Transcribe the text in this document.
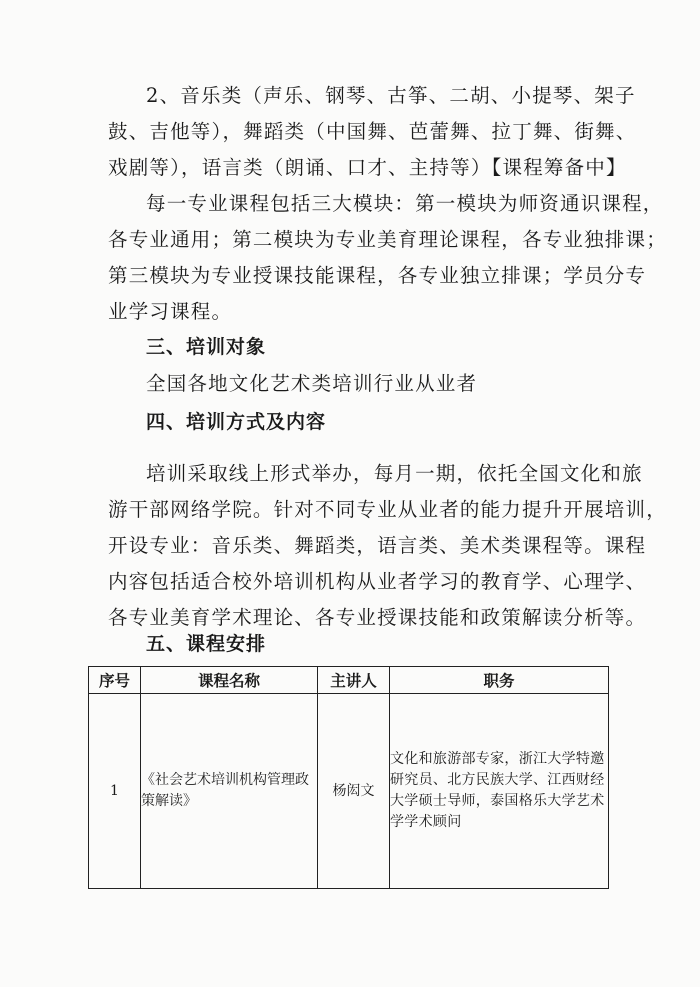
2、音乐类（声乐、钢琴、古筝、二胡、小提琴、架子
鼓、吉他等），舞蹈类（中国舞、芭蕾舞、拉丁舞、街舞、
戏剧等），语言类（朗诵、口才、主持等）【课程筹备中】
每一专业课程包括三大模块：第一模块为师资通识课程，
各专业通用；第二模块为专业美育理论课程，各专业独排课；
第三模块为专业授课技能课程，各专业独立排课；学员分专
业学习课程。
三、培训对象
全国各地文化艺术类培训行业从业者
四、培训方式及内容
培训采取线上形式举办，每月一期，依托全国文化和旅
游干部网络学院。针对不同专业从业者的能力提升开展培训，
开设专业：音乐类、舞蹈类，语言类、美术类课程等。课程
内容包括适合校外培训机构从业者学习的教育学、心理学、
各专业美育学术理论、各专业授课技能和政策解读分析等。
五、课程安排
序号	课程名称	主讲人	职务
1	《社会艺术培训机构管理政策解读》	杨闳文	文化和旅游部专家，浙江大学特邀研究员、北方民族大学、江西财经大学硕士导师，泰国格乐大学艺术学学术顾问
